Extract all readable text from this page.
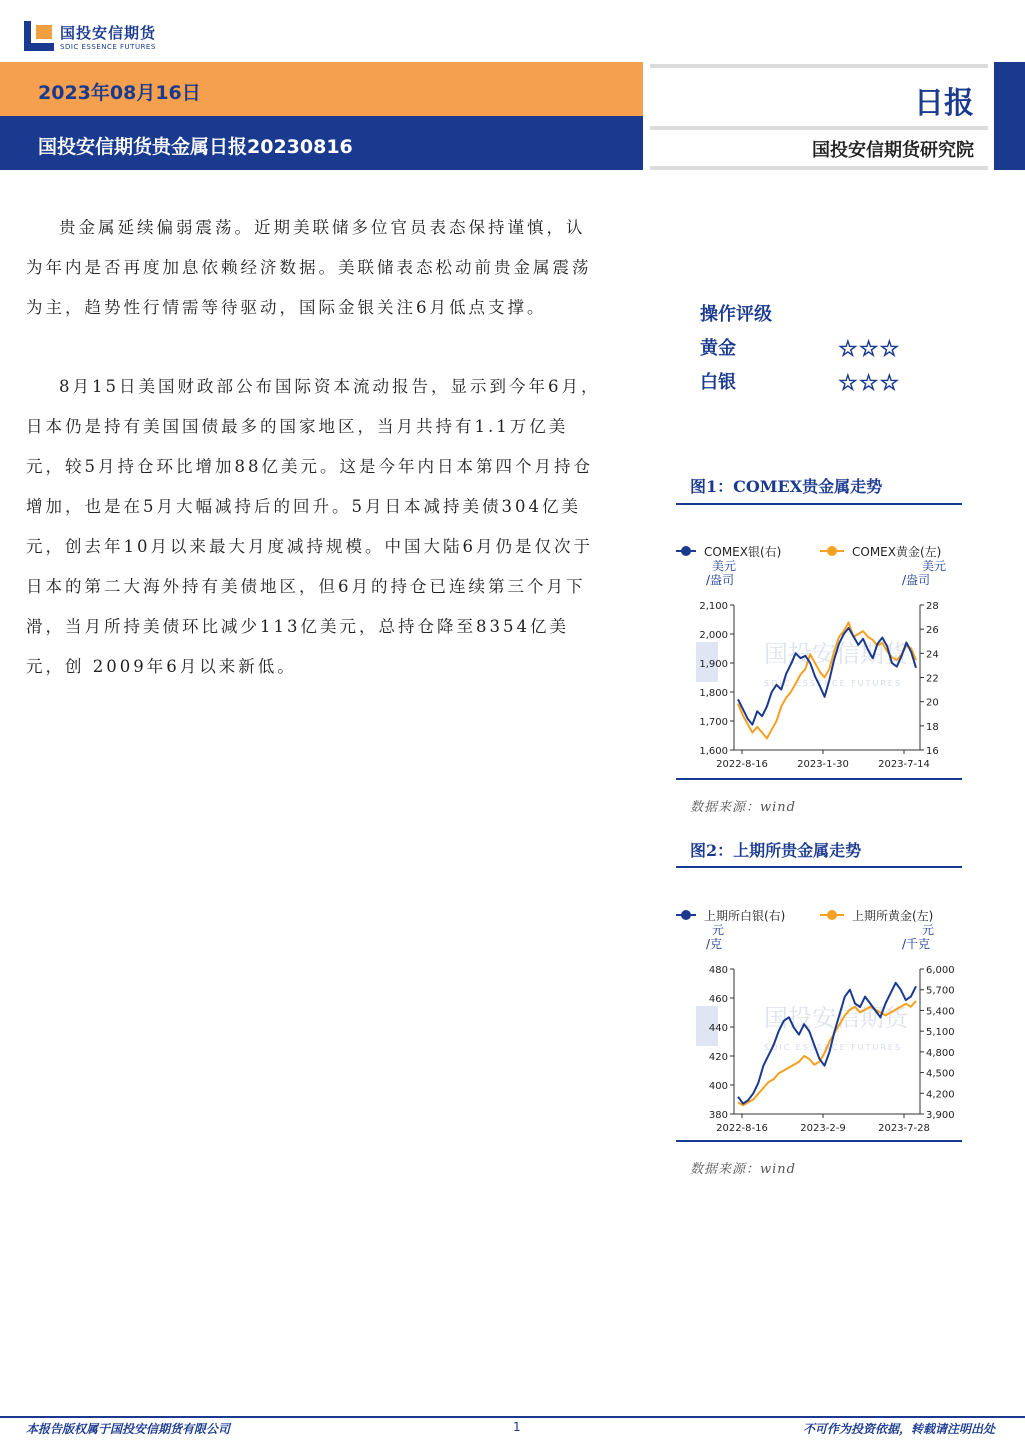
国投安信期货
SDIC ESSENCE FUTURES
2023年08月16日
国投安信期货贵金属日报20230816
日报
国投安信期货研究院

贵金属延续偏弱震荡。近期美联储多位官员表态保持谨慎，认为年内是否再度加息依赖经济数据。美联储表态松动前贵金属震荡为主，趋势性行情需等待驱动，国际金银关注6月低点支撑。

8月15日美国财政部公布国际资本流动报告，显示到今年6月，日本仍是持有美国国债最多的国家地区，当月共持有1.1万亿美元，较5月持仓环比增加88亿美元。这是今年内日本第四个月持仓增加，也是在5月大幅减持后的回升。5月日本减持美债304亿美元，创去年10月以来最大月度减持规模。中国大陆6月仍是仅次于日本的第二大海外持有美债地区，但6月的持仓已连续第三个月下滑，当月所持美债环比减少113亿美元，总持仓降至8354亿美元，创 2009年6月以来新低。

操作评级
黄金	☆☆☆
白银	☆☆☆
图1：COMEX贵金属走势
国投安信期货
SDIC ESSENCE FUTURES
COMEX银(右)	COMEX黄金(左)
美元
/盎司
美元
/盎司
2,100
2,000
1,900
1,800
1,700
1,600
28
26
24
22
20
18
16
2022-8-16	2023-1-30	2023-7-14
数据来源：wind
图2：上期所贵金属走势
国投安信期货
SDIC ESSENCE FUTURES
上期所白银(右)	上期所黄金(左)
元
/克
元
/千克
480
460
440
420
400
380
6,000
5,700
5,400
5,100
4,800
4,500
4,200
3,900
2022-8-16	2023-2-9	2023-7-28
数据来源：wind
本报告版权属于国投安信期货有限公司	1	不可作为投资依据，转载请注明出处
